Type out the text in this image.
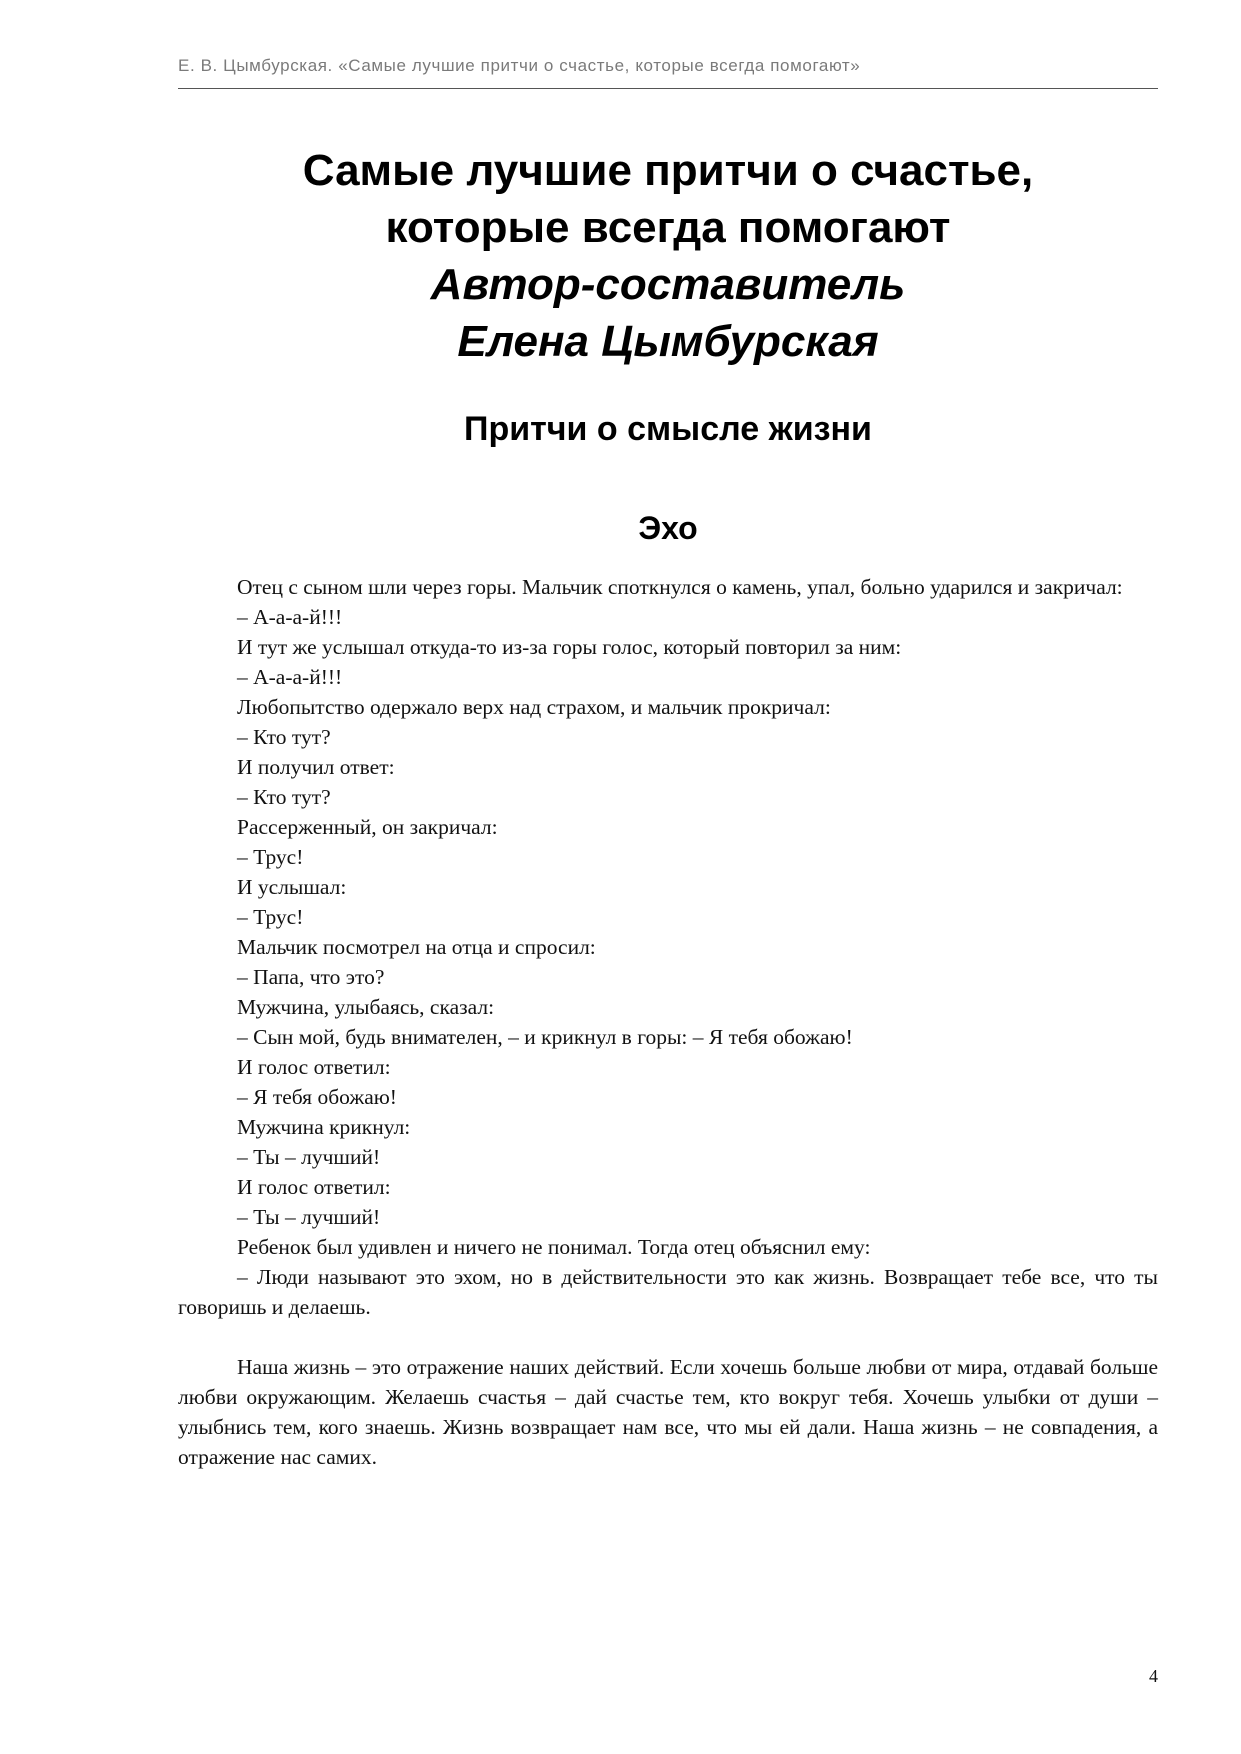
Е. В. Цымбурская. «Самые лучшие притчи о счастье, которые всегда помогают»
Самые лучшие притчи о счастье,
которые всегда помогают
Автор-составитель
Елена Цымбурская
Притчи о смысле жизни
Эхо

Отец с сыном шли через горы. Мальчик споткнулся о камень, упал, больно ударился и закричал:

– А-а-а-й!!!

И тут же услышал откуда-то из-за горы голос, который повторил за ним:

– А-а-а-й!!!

Любопытство одержало верх над страхом, и мальчик прокричал:

– Кто тут?

И получил ответ:

– Кто тут?

Рассерженный, он закричал:

– Трус!

И услышал:

– Трус!

Мальчик посмотрел на отца и спросил:

– Папа, что это?

Мужчина, улыбаясь, сказал:

– Сын мой, будь внимателен, – и крикнул в горы: – Я тебя обожаю!

И голос ответил:

– Я тебя обожаю!

Мужчина крикнул:

– Ты – лучший!

И голос ответил:

– Ты – лучший!

Ребенок был удивлен и ничего не понимал. Тогда отец объяснил ему:

– Люди называют это эхом, но в действительности это как жизнь. Возвращает тебе все, что ты говоришь и делаешь.

Наша жизнь – это отражение наших действий. Если хочешь больше любви от мира, отдавай больше любви окружающим. Желаешь счастья – дай счастье тем, кто вокруг тебя. Хочешь улыбки от души – улыбнись тем, кого знаешь. Жизнь возвращает нам все, что мы ей дали. Наша жизнь – не совпадения, а отражение нас самих.

4
